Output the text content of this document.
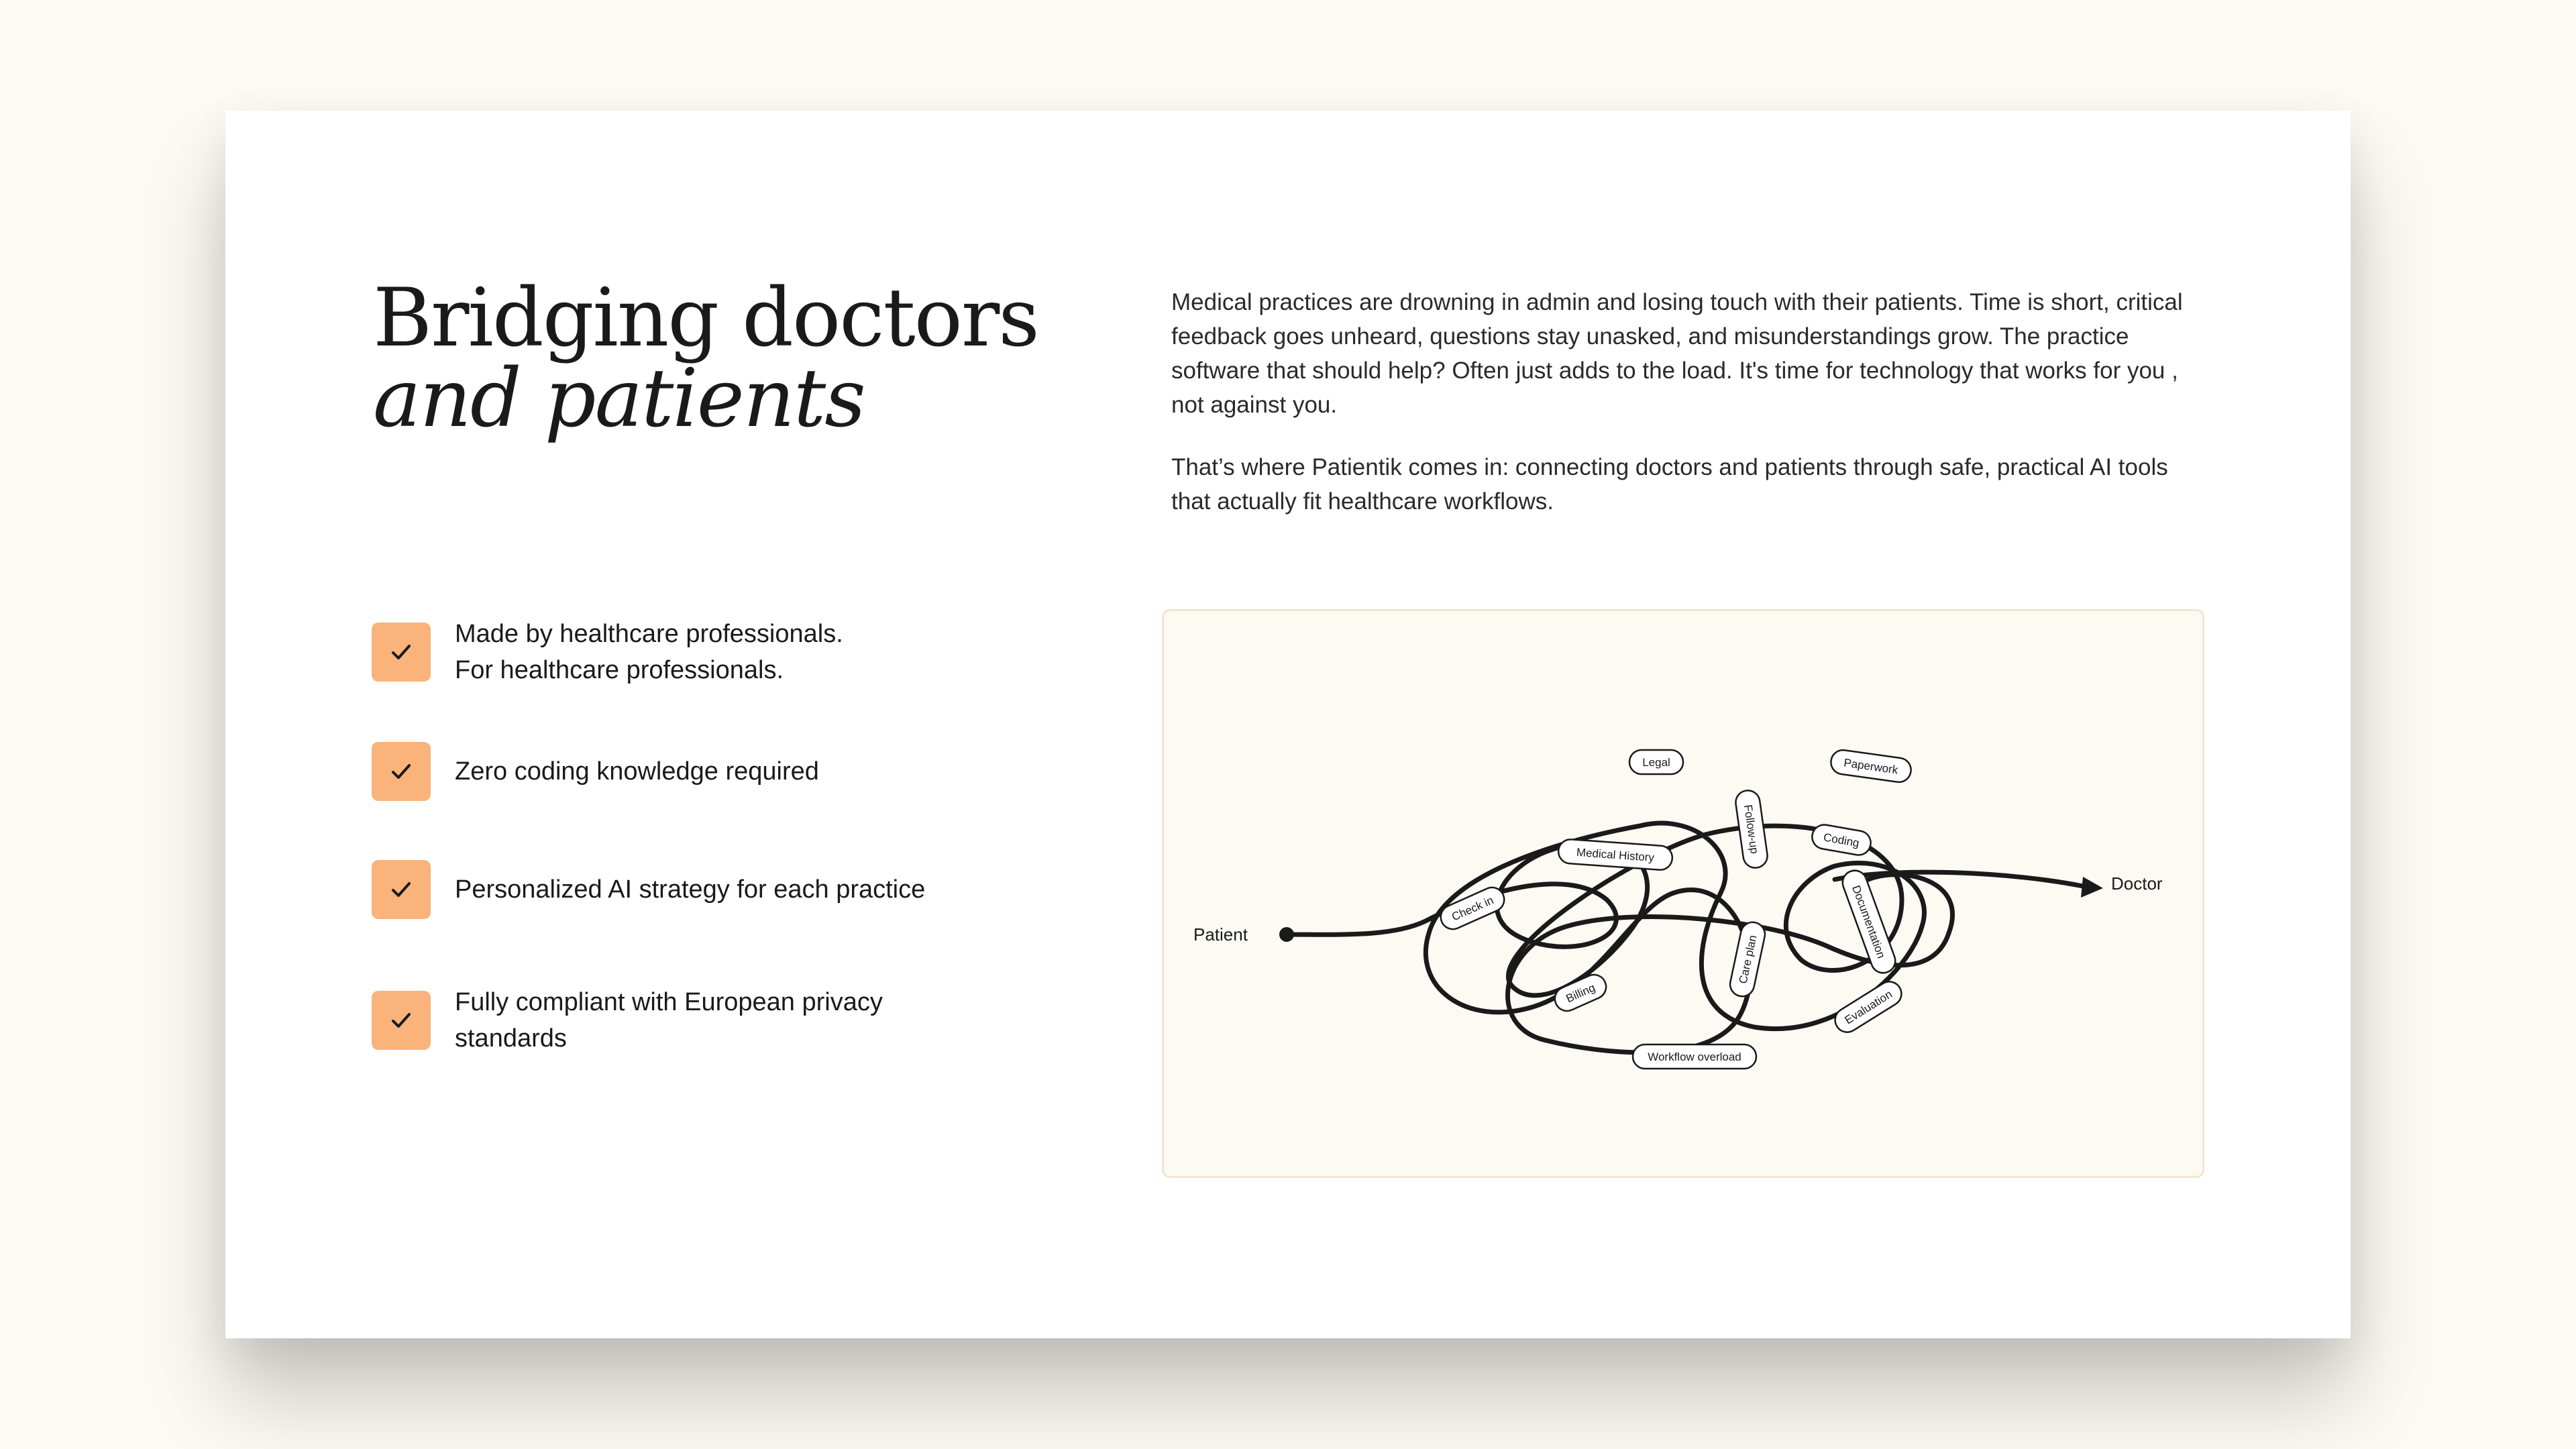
Bridging doctors
and patients

Medical practices are drowning in admin and losing touch with their patients. Time is short, critical feedback goes unheard, questions stay unasked, and misunderstandings grow. The practice software that should help? Often just adds to the load. It's time for technology that works for you , not against you.

That’s where Patientik comes in: connecting doctors and patients through safe, practical AI tools that actually fit healthcare workflows.

Made by healthcare professionals.
For healthcare professionals.
Zero coding knowledge required
Personalized AI strategy for each practice
Fully compliant with European privacy standards
Patient
Doctor
Legal	Paperwork
Follow-up	Coding
Medical History
Check in	Documentation
Care plan
Billing	Evaluation
Workflow overload
